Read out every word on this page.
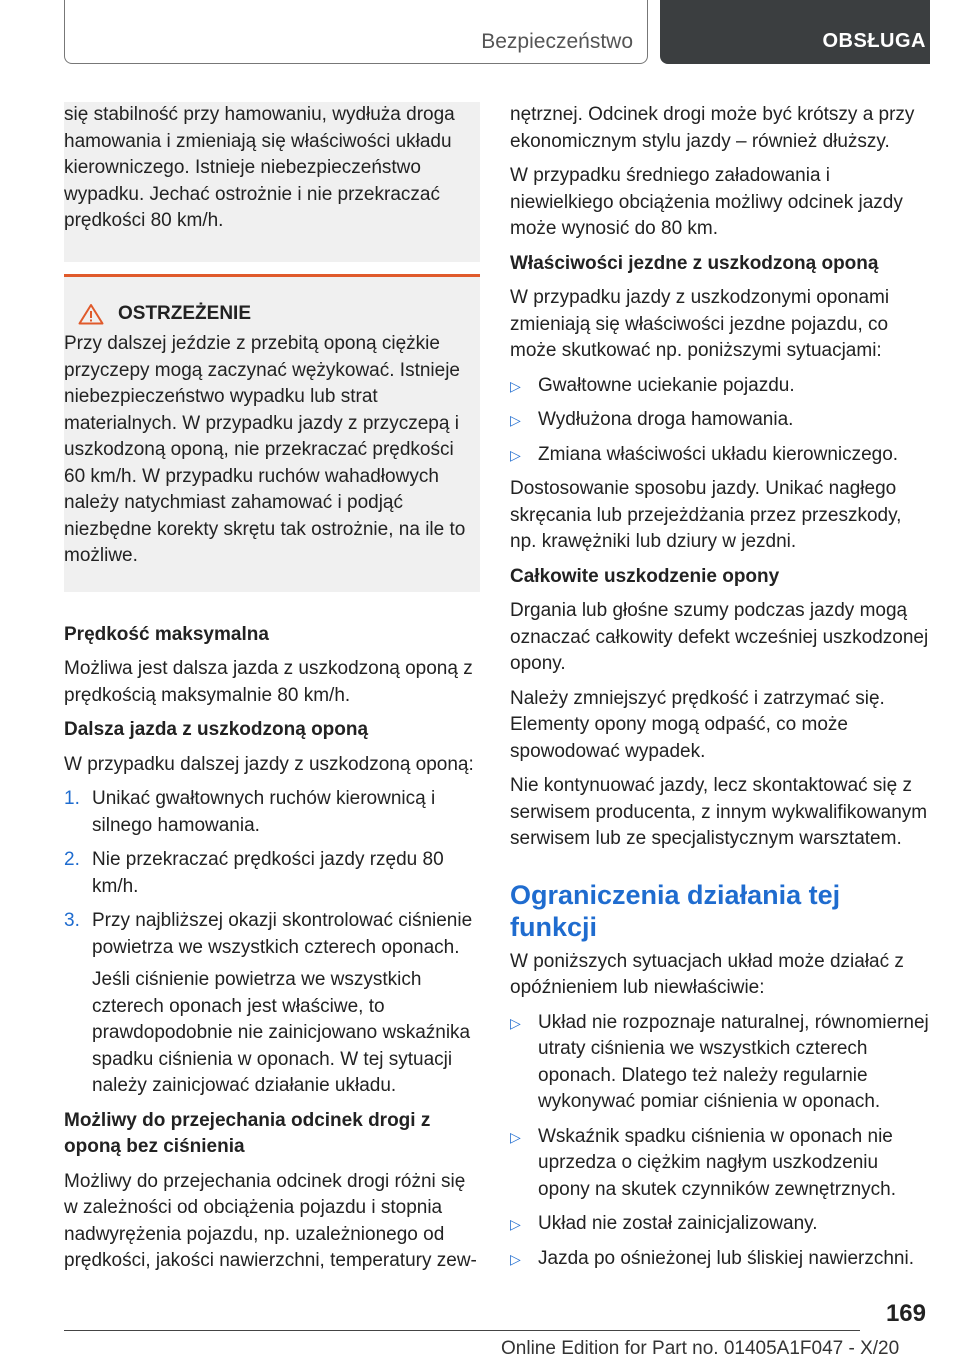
Bezpieczeństwo	OBSŁUGA

się stabilność przy hamowaniu, wydłuża droga hamowania i zmieniają się właściwości układu kierowniczego. Istnieje niebezpieczeństwo wypadku. Jechać ostrożnie i nie przekraczać prędkości 80 km/h.

OSTRZEŻENIE

Przy dalszej jeździe z przebitą oponą ciężkie przyczepy mogą zaczynać wężykować. Istnieje niebezpieczeństwo wypadku lub strat materialnych. W przypadku jazdy z przyczepą i uszkodzoną oponą, nie przekraczać prędkości 60 km/h. W przypadku ruchów wahadłowych należy natychmiast zahamować i podjąć niezbędne korekty skrętu tak ostrożnie, na ile to możliwe.

Prędkość maksymalna

Możliwa jest dalsza jazda z uszkodzoną oponą z prędkością maksymalnie 80 km/h.

Dalsza jazda z uszkodzoną oponą

W przypadku dalszej jazdy z uszkodzoną oponą:

1. Unikać gwałtownych ruchów kierownicą i silnego hamowania.
2. Nie przekraczać prędkości jazdy rzędu 80 km/h.
3. Przy najbliższej okazji skontrolować ciśnienie powietrza we wszystkich czterech oponach.
Jeśli ciśnienie powietrza we wszystkich czterech oponach jest właściwe, to prawdopodobnie nie zainicjowano wskaźnika spadku ciśnienia w oponach. W tej sytuacji należy zainicjować działanie układu.

Możliwy do przejechania odcinek drogi z oponą bez ciśnienia

Możliwy do przejechania odcinek drogi różni się w zależności od obciążenia pojazdu i stopnia nadwyrężenia pojazdu, np. uzależnionego od prędkości, jakości nawierzchni, temperatury zew-

nętrznej. Odcinek drogi może być krótszy a przy ekonomicznym stylu jazdy – również dłuższy.

W przypadku średniego załadowania i niewielkiego obciążenia możliwy odcinek jazdy może wynosić do 80 km.

Właściwości jezdne z uszkodzoną oponą

W przypadku jazdy z uszkodzonymi oponami zmieniają się właściwości jezdne pojazdu, co może skutkować np. poniższymi sytuacjami:

▷ Gwałtowne uciekanie pojazdu.
▷ Wydłużona droga hamowania.
▷ Zmiana właściwości układu kierowniczego.

Dostosowanie sposobu jazdy. Unikać nagłego skręcania lub przejeżdżania przez przeszkody, np. krawężniki lub dziury w jezdni.

Całkowite uszkodzenie opony

Drgania lub głośne szumy podczas jazdy mogą oznaczać całkowity defekt wcześniej uszkodzonej opony.

Należy zmniejszyć prędkość i zatrzymać się. Elementy opony mogą odpaść, co może spowodować wypadek.

Nie kontynuować jazdy, lecz skontaktować się z serwisem producenta, z innym wykwalifikowanym serwisem lub ze specjalistycznym warsztatem.

Ograniczenia działania tej funkcji

W poniższych sytuacjach układ może działać z opóźnieniem lub niewłaściwie:

▷ Układ nie rozpoznaje naturalnej, równomiernej utraty ciśnienia we wszystkich czterech oponach. Dlatego też należy regularnie wykonywać pomiar ciśnienia w oponach.
▷ Wskaźnik spadku ciśnienia w oponach nie uprzedza o ciężkim nagłym uszkodzeniu opony na skutek czynników zewnętrznych.
▷ Układ nie został zainicjalizowany.
▷ Jazda po ośnieżonej lub śliskiej nawierzchni.
169
Online Edition for Part no. 01405A1F047 - X/20
